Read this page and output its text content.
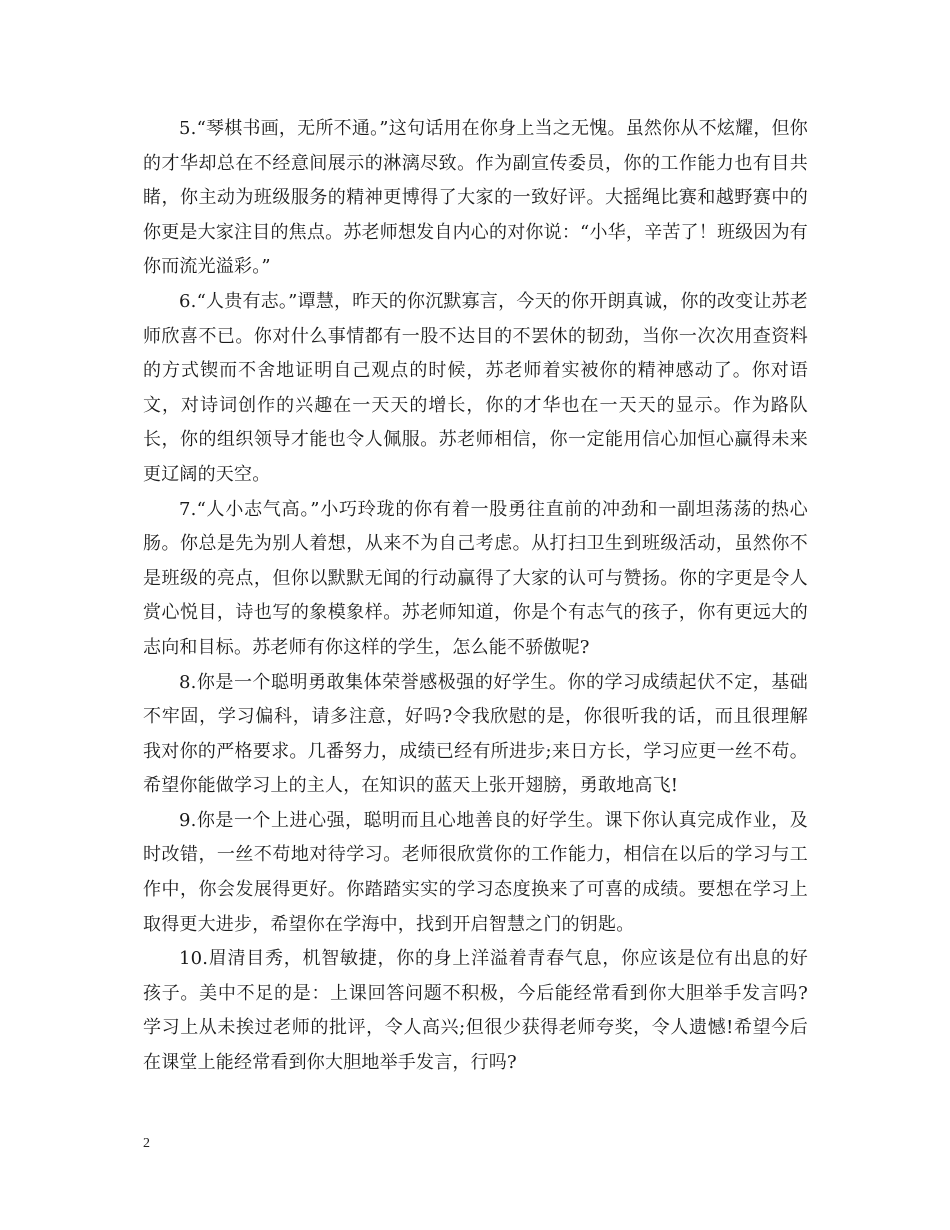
5.“琴棋书画，无所不通。”这句话用在你身上当之无愧。虽然你从不炫耀，但你的才华却总在不经意间展示的淋漓尽致。作为副宣传委员，你的工作能力也有目共睹，你主动为班级服务的精神更博得了大家的一致好评。大摇绳比赛和越野赛中的你更是大家注目的焦点。苏老师想发自内心的对你说：“小华，辛苦了！班级因为有你而流光溢彩。”

6.“人贵有志。”谭慧，昨天的你沉默寡言，今天的你开朗真诚，你的改变让苏老师欣喜不已。你对什么事情都有一股不达目的不罢休的韧劲，当你一次次用查资料的方式锲而不舍地证明自己观点的时候，苏老师着实被你的精神感动了。你对语文，对诗词创作的兴趣在一天天的增长，你的才华也在一天天的显示。作为路队长，你的组织领导才能也令人佩服。苏老师相信，你一定能用信心加恒心赢得未来更辽阔的天空。

7.“人小志气高。”小巧玲珑的你有着一股勇往直前的冲劲和一副坦荡荡的热心肠。你总是先为别人着想，从来不为自己考虑。从打扫卫生到班级活动，虽然你不是班级的亮点，但你以默默无闻的行动赢得了大家的认可与赞扬。你的字更是令人赏心悦目，诗也写的象模象样。苏老师知道，你是个有志气的孩子，你有更远大的志向和目标。苏老师有你这样的学生，怎么能不骄傲呢?

8.你是一个聪明勇敢集体荣誉感极强的好学生。你的学习成绩起伏不定，基础不牢固，学习偏科，请多注意，好吗?令我欣慰的是，你很听我的话，而且很理解我对你的严格要求。几番努力，成绩已经有所进步;来日方长，学习应更一丝不苟。希望你能做学习上的主人，在知识的蓝天上张开翅膀，勇敢地高飞!

9.你是一个上进心强，聪明而且心地善良的好学生。课下你认真完成作业，及时改错，一丝不苟地对待学习。老师很欣赏你的工作能力，相信在以后的学习与工作中，你会发展得更好。你踏踏实实的学习态度换来了可喜的成绩。要想在学习上取得更大进步，希望你在学海中，找到开启智慧之门的钥匙。

10.眉清目秀，机智敏捷，你的身上洋溢着青春气息，你应该是位有出息的好孩子。美中不足的是：上课回答问题不积极，今后能经常看到你大胆举手发言吗?学习上从未挨过老师的批评，令人高兴;但很少获得老师夸奖，令人遗憾!希望今后在课堂上能经常看到你大胆地举手发言，行吗?

2
